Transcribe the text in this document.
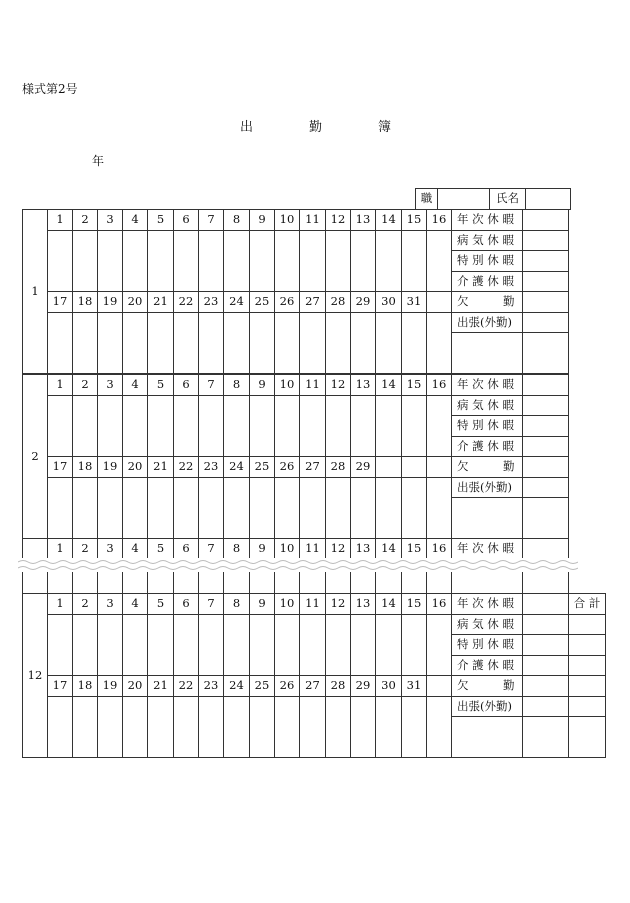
様式第2号
出	勤	簿
年
職		氏名	
1	1	2	3	4	5	6	7	8	9	10	11	12	13	14	15	16	年 次 休 暇	
																	病 気 休 暇	
																	特 別 休 暇	
																	介 護 休 暇	
	17	18	19	20	21	22	23	24	25	26	27	28	29	30	31		欠　　　勤	
																	出張(外勤)	

2	1	2	3	4	5	6	7	8	9	10	11	12	13	14	15	16	年 次 休 暇	
																	病 気 休 暇	
																	特 別 休 暇	
																	介 護 休 暇	
	17	18	19	20	21	22	23	24	25	26	27	28	29				欠　　　勤	
																	出張(外勤)	

	1	2	3	4	5	6	7	8	9	10	11	12	13	14	15	16	年 次 休 暇	

12	1	2	3	4	5	6	7	8	9	10	11	12	13	14	15	16	年 次 休 暇		合 計
																	病 気 休 暇		
																	特 別 休 暇		
																	介 護 休 暇		
	17	18	19	20	21	22	23	24	25	26	27	28	29	30	31		欠　　　勤		
																	出張(外勤)		
